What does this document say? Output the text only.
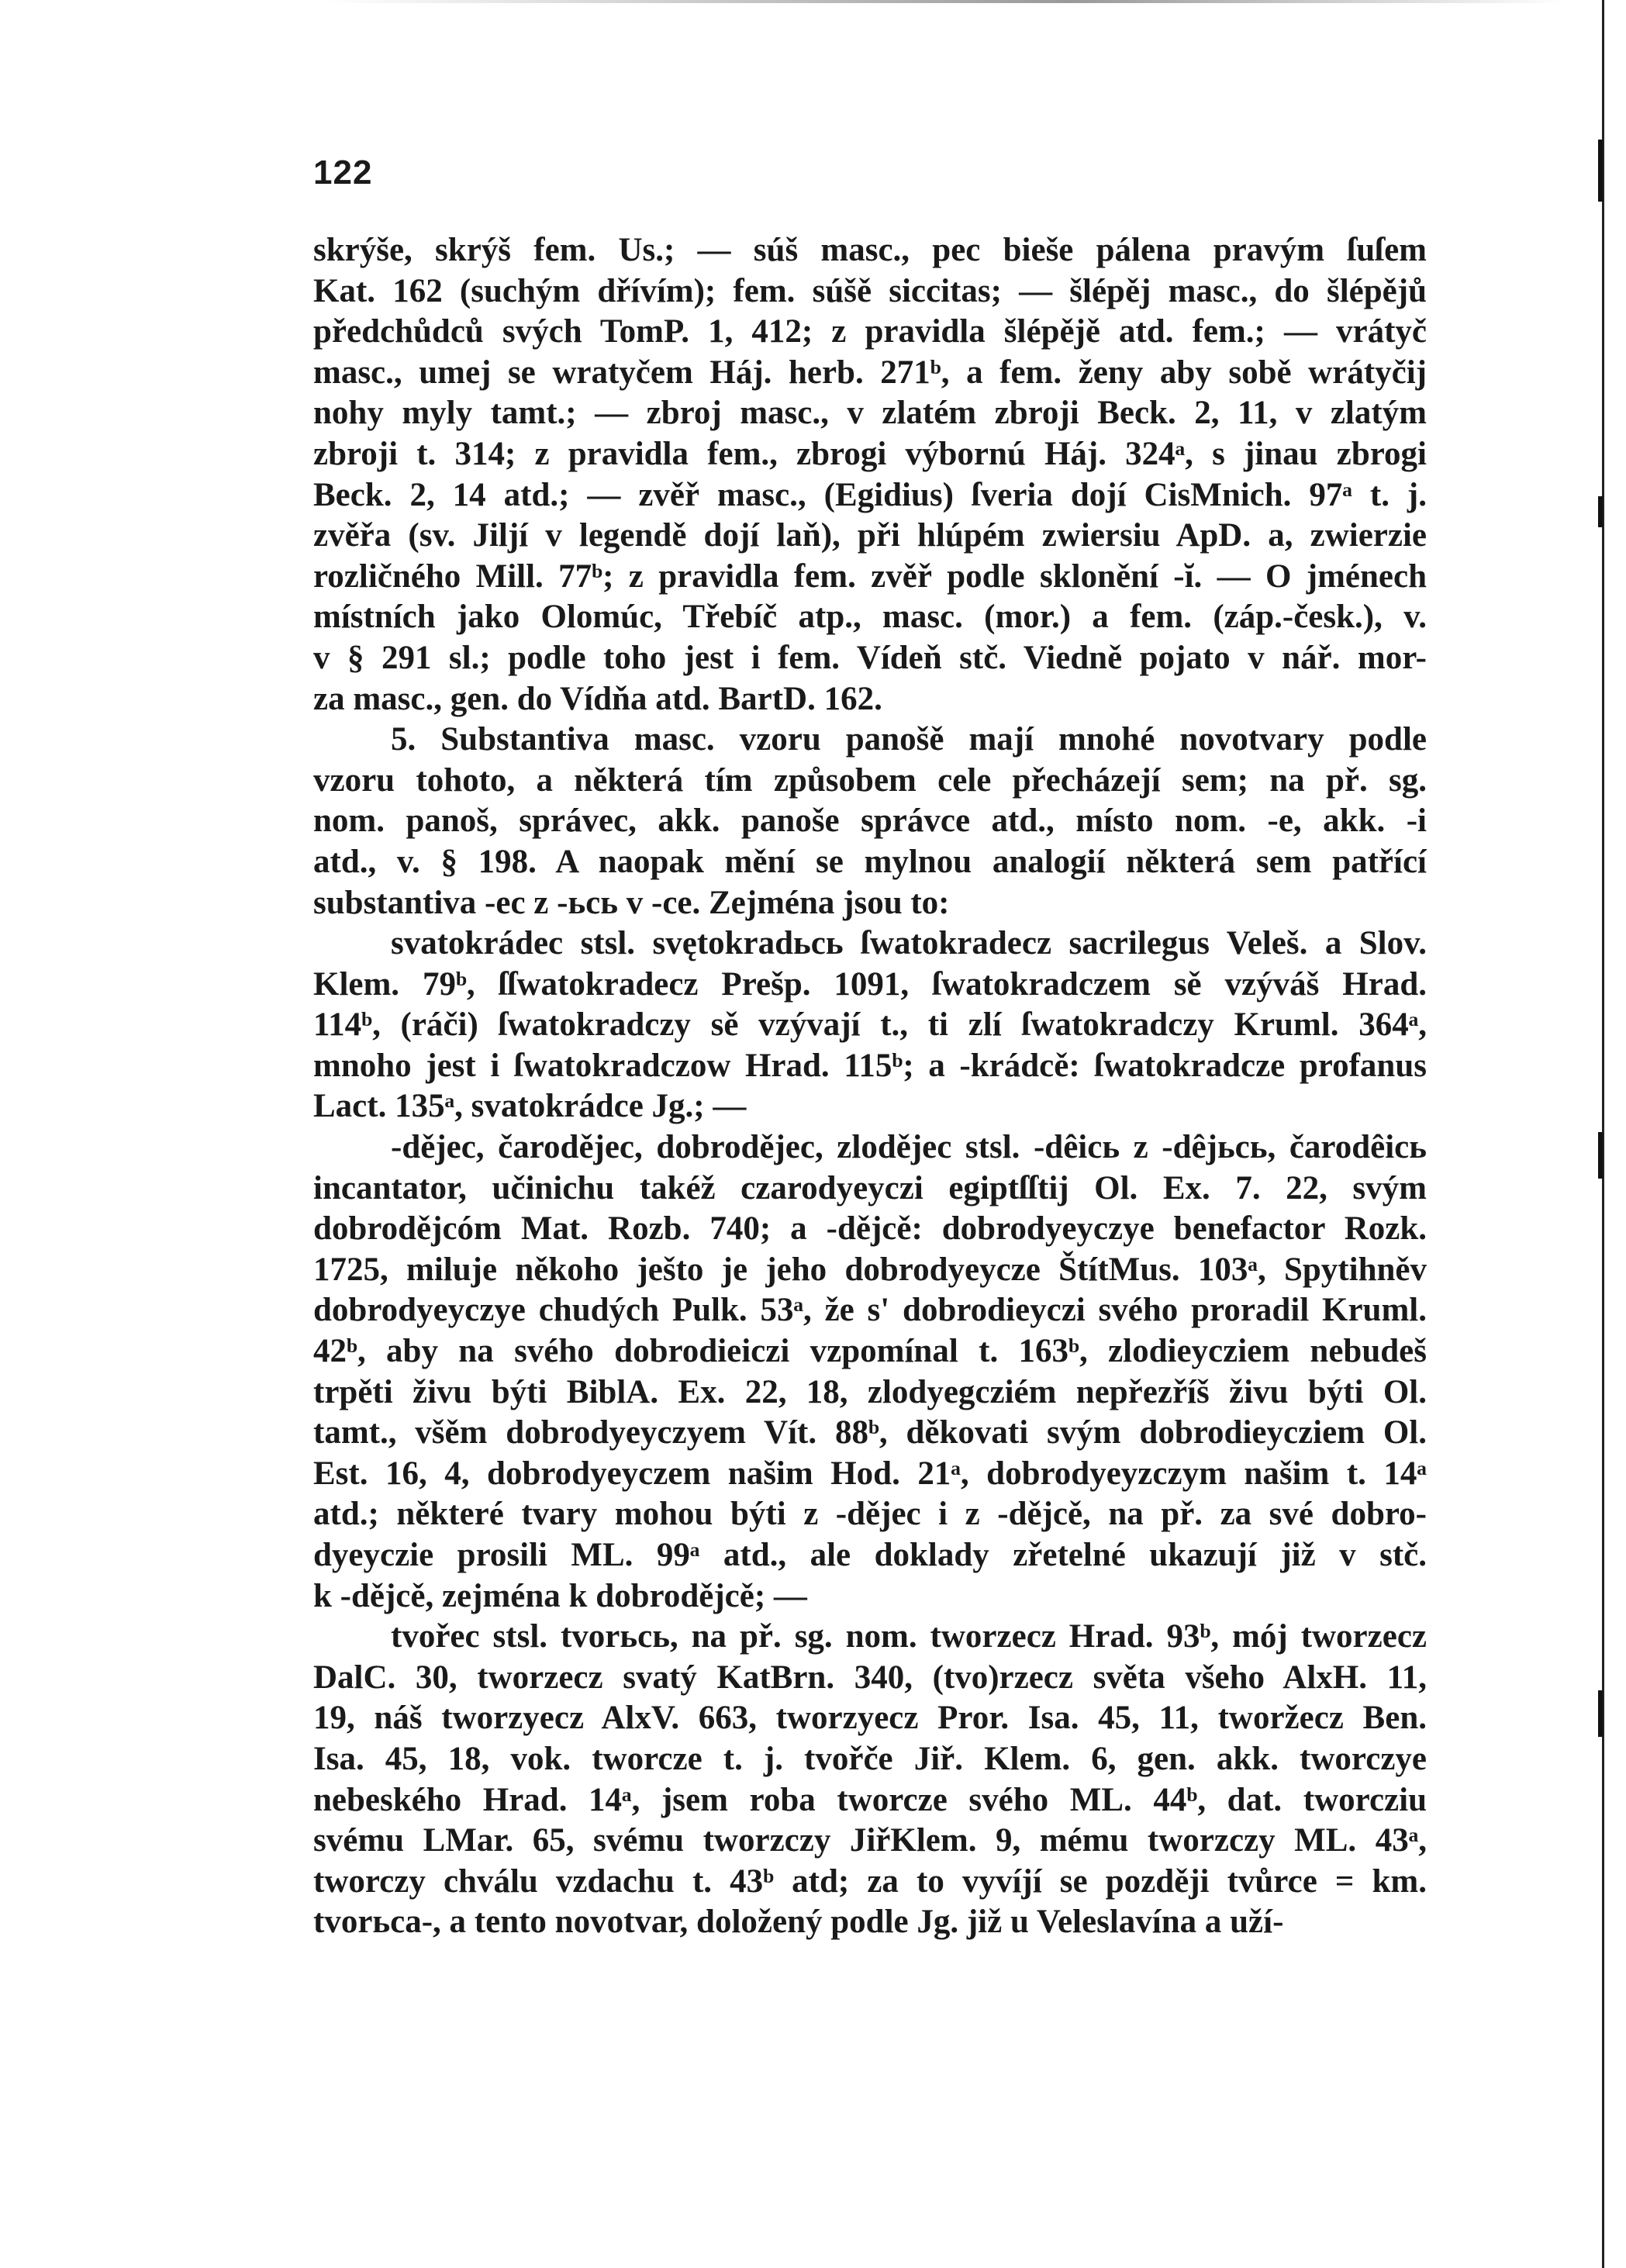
122
skrýše, skrýš fem. Us.; — súš masc., pec bieše pálena pravým ſuſem
Kat. 162 (suchým dřívím); fem. súšě siccitas; — šlépěj masc., do šlépějů
předchůdců svých TomP. 1, 412; z pravidla šlépějě atd. fem.; — vrátyč
masc., umej se wratyčem Háj. herb. 271ᵇ, a fem. ženy aby sobě wrátyčij
nohy myly tamt.; — zbroj masc., v zlatém zbroji Beck. 2, 11, v zlatým
zbroji t. 314; z pravidla fem., zbrogi výbornú Háj. 324ᵃ, s jinau zbrogi
Beck. 2, 14 atd.; — zvěř masc., (Egidius) ſveria dojí CisMnich. 97ᵃ t. j.
zvěřa (sv. Jiljí v legendě dojí laň), při hlúpém zwiersiu ApD. a, zwierzie
rozličného Mill. 77ᵇ; z pravidla fem. zvěř podle sklonění -ĭ. — O jménech
místních jako Olomúc, Třebíč atp., masc. (mor.) a fem. (záp.-česk.), v.
v § 291 sl.; podle toho jest i fem. Vídeň stč. Viedně pojato v nář. mor-
za masc., gen. do Vídňa atd. BartD. 162.
5. Substantiva masc. vzoru panošě mají mnohé novotvary podle
vzoru tohoto, a některá tím způsobem cele přecházejí sem; na př. sg.
nom. panoš, správec, akk. panoše správce atd., místo nom. -e, akk. -i
atd., v. § 198. A naopak mění se mylnou analogií některá sem patřící
substantiva -ec z -ьсь v -ce. Zejména jsou to:
svatokrádec stsl. svętokradьсь ſwatokradecz sacrilegus Veleš. a Slov.
Klem. 79ᵇ, ſſwatokradecz Prešp. 1091, ſwatokradczem sě vzýváš Hrad.
114ᵇ, (ráči) ſwatokradczy sě vzývají t., ti zlí ſwatokradczy Kruml. 364ᵃ,
mnoho jest i ſwatokradczow Hrad. 115ᵇ; a -krádcě: ſwatokradcze profanus
Lact. 135ᵃ, svatokrádce Jg.; —
-dějec, čarodějec, dobrodějec, zlodějec stsl. -dêicь z -dêjьсь, čarodêicь
incantator, učinichu takéž czarodyeyczi egiptſſtij Ol. Ex. 7. 22, svým
dobrodějcóm Mat. Rozb. 740; a -dějcě: dobrodyeyczye benefactor Rozk.
1725, miluje někoho ješto je jeho dobrodyeycze ŠtítMus. 103ᵃ, Spytihněv
dobrodyeyczye chudých Pulk. 53ᵃ, že s' dobrodieyczi svého proradil Kruml.
42ᵇ, aby na svého dobrodieiczi vzpomínal t. 163ᵇ, zlodieycziem nebudeš
trpěti živu býti BiblA. Ex. 22, 18, zlodyegcziém nepřezříš živu býti Ol.
tamt., všěm dobrodyeyczyem Vít. 88ᵇ, děkovati svým dobrodieycziem Ol.
Est. 16, 4, dobrodyeyczem našim Hod. 21ᵃ, dobrodyeyzczym našim t. 14ᵃ
atd.; některé tvary mohou býti z -dějec i z -dějcě, na př. za své dobro-
dyeyczie prosili ML. 99ᵃ atd., ale doklady zřetelné ukazují již v stč.
k -dějcě, zejména k dobrodějcě; —
tvořec stsl. tvorьсь, na př. sg. nom. tworzecz Hrad. 93ᵇ, mój tworzecz
DalC. 30, tworzecz svatý KatBrn. 340, (tvo)rzecz světa všeho AlxH. 11,
19, náš tworzyecz AlxV. 663, tworzyecz Pror. Isa. 45, 11, tworžecz Ben.
Isa. 45, 18, vok. tworcze t. j. tvořče Jiř. Klem. 6, gen. akk. tworczye
nebeského Hrad. 14ᵃ, jsem roba tworcze svého ML. 44ᵇ, dat. tworcziu
svému LMar. 65, svému tworzczy JiřKlem. 9, mému tworzczy ML. 43ᵃ,
tworczy chválu vzdachu t. 43ᵇ atd; za to vyvíjí se později tvůrce = km.
tvorьca-, a tento novotvar, doložený podle Jg. již u Veleslavína a uží-
